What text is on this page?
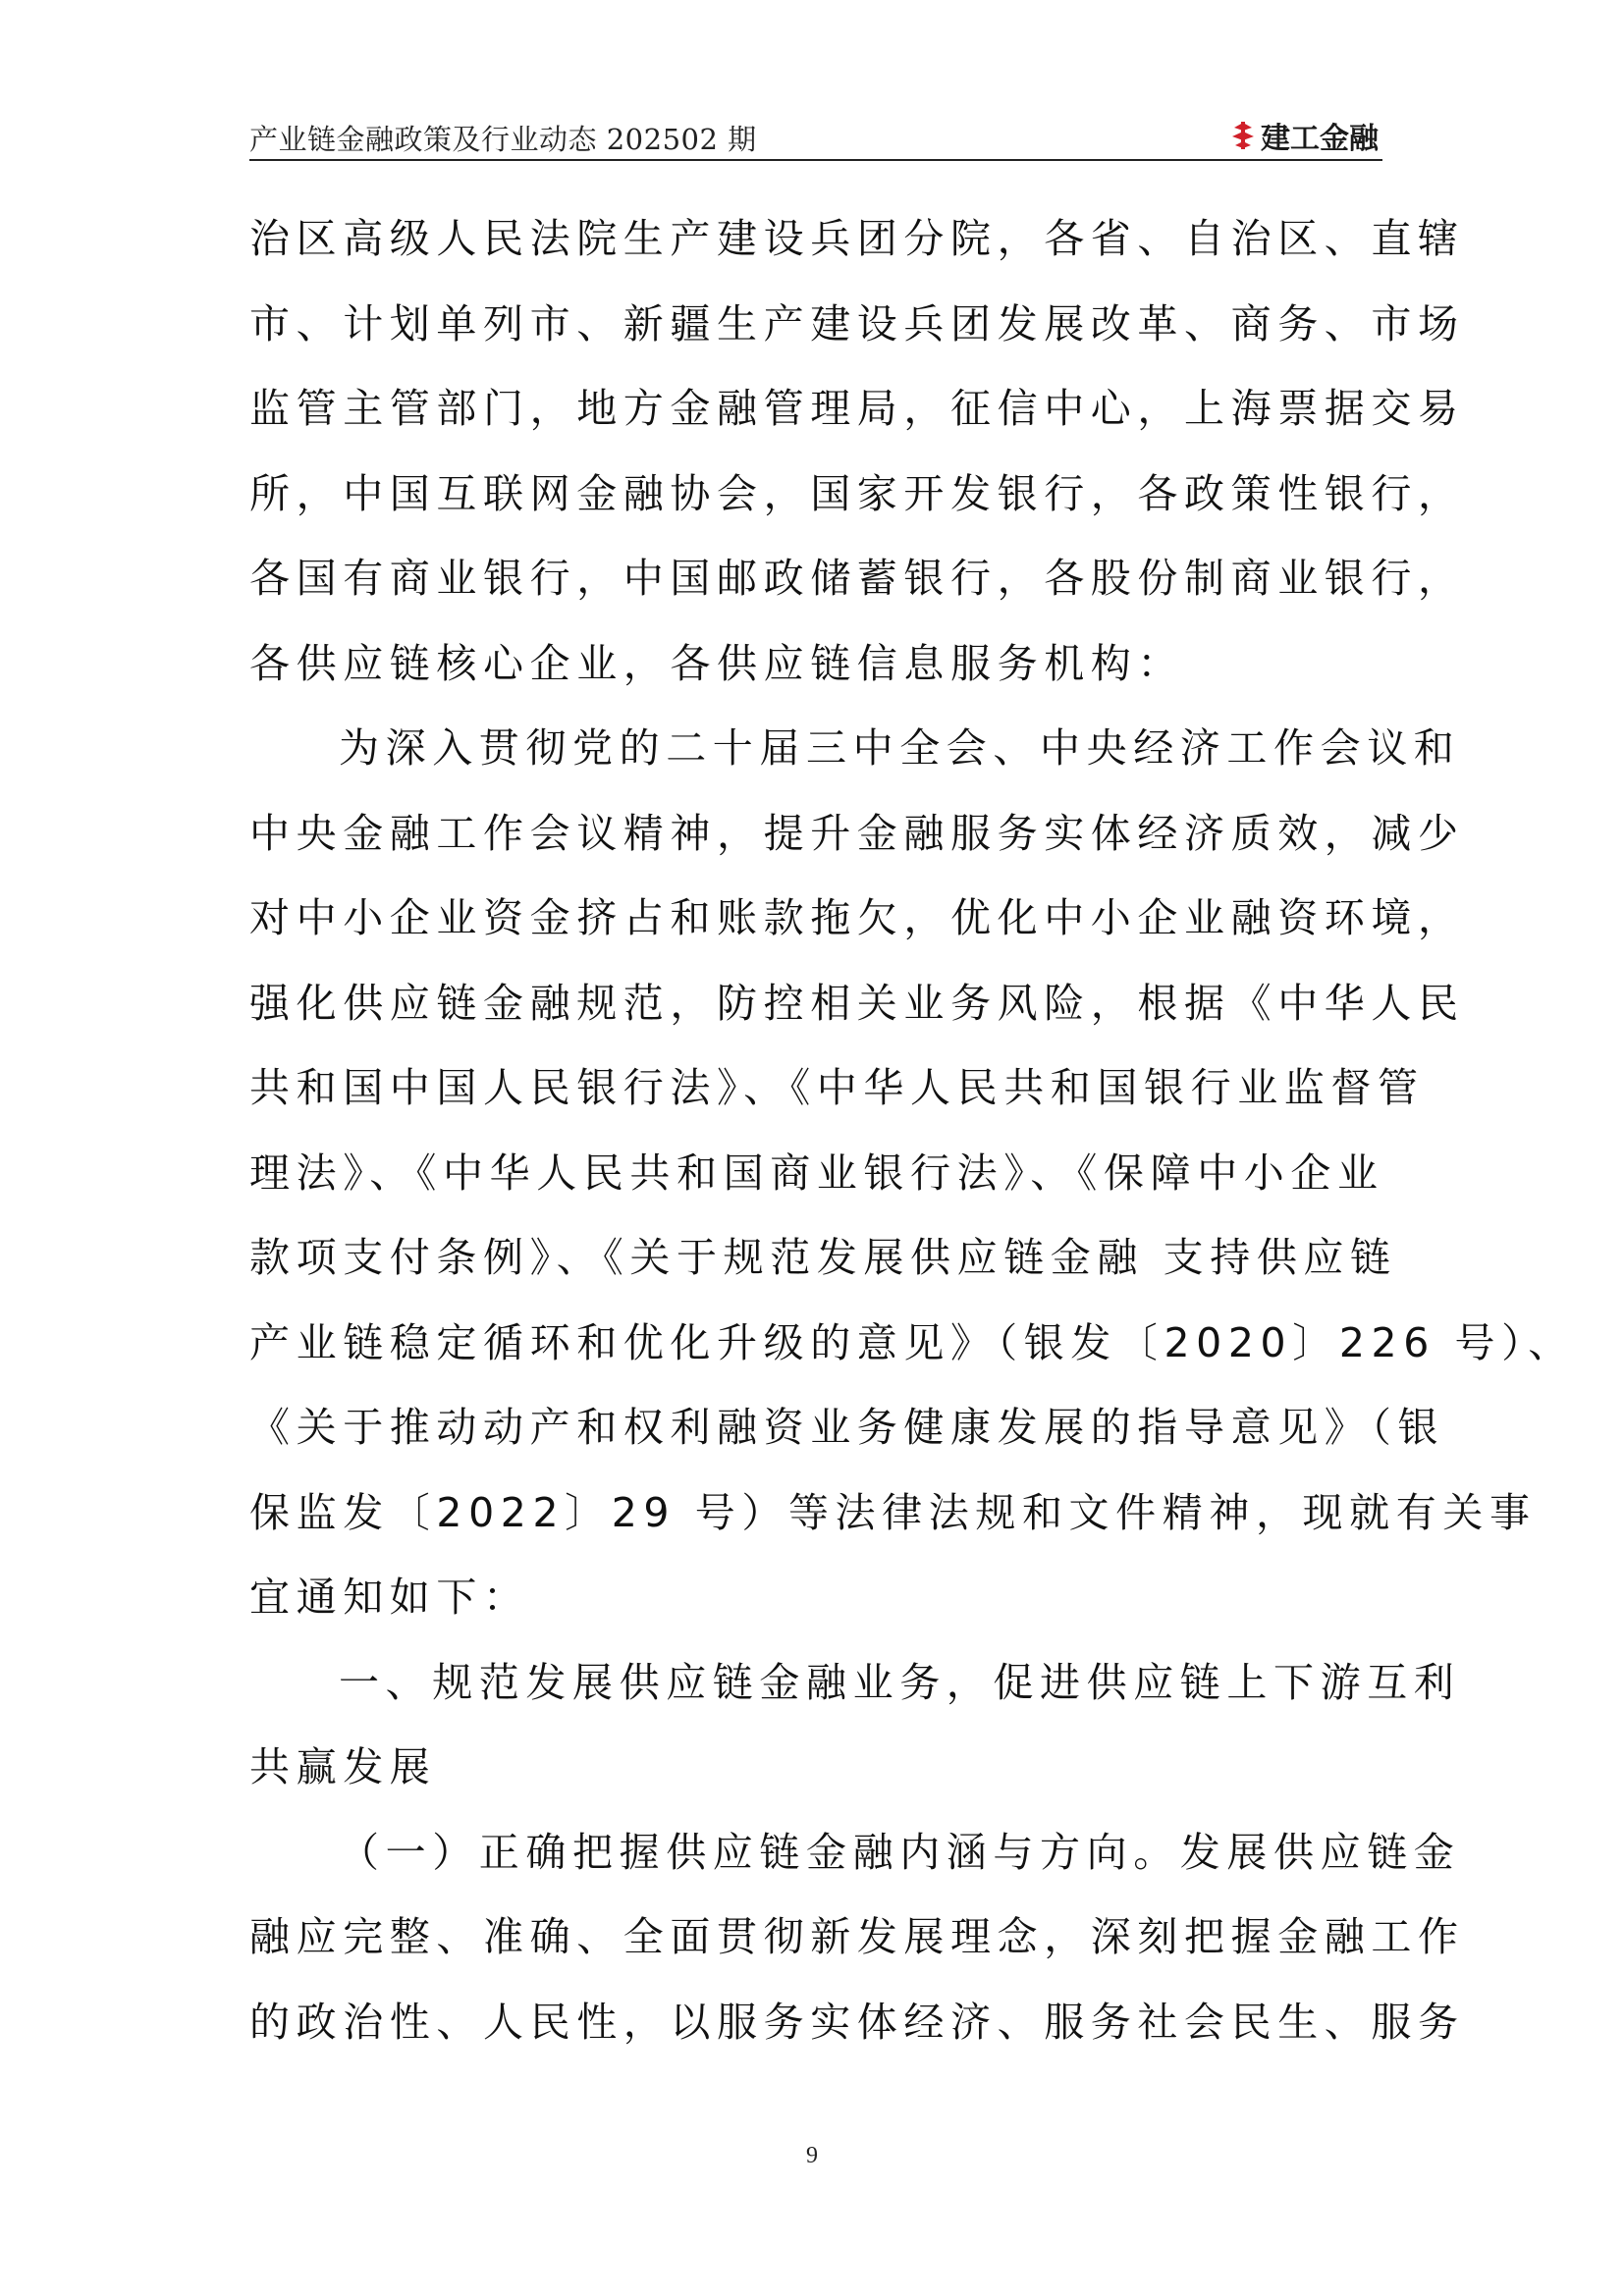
产业链金融政策及行业动态 202502 期	建工金融

治区高级人民法院生产建设兵团分院，各省、自治区、直辖
市、计划单列市、新疆生产建设兵团发展改革、商务、市场
监管主管部门，地方金融管理局，征信中心，上海票据交易
所，中国互联网金融协会，国家开发银行，各政策性银行，
各国有商业银行，中国邮政储蓄银行，各股份制商业银行，
各供应链核心企业，各供应链信息服务机构：

为深入贯彻党的二十届三中全会、中央经济工作会议和
中央金融工作会议精神，提升金融服务实体经济质效，减少
对中小企业资金挤占和账款拖欠，优化中小企业融资环境，
强化供应链金融规范，防控相关业务风险，根据《中华人民
共和国中国人民银行法》、《中华人民共和国银行业监督管
理法》、《中华人民共和国商业银行法》、《保障中小企业
款项支付条例》、《关于规范发展供应链金融 支持供应链
产业链稳定循环和优化升级的意见》（银发〔2020〕226 号）、
《关于推动动产和权利融资业务健康发展的指导意见》（银
保监发〔2022〕29 号）等法律法规和文件精神，现就有关事
宜通知如下：

一、规范发展供应链金融业务，促进供应链上下游互利
共赢发展

（一）正确把握供应链金融内涵与方向。发展供应链金
融应完整、准确、全面贯彻新发展理念，深刻把握金融工作
的政治性、人民性，以服务实体经济、服务社会民生、服务

9
